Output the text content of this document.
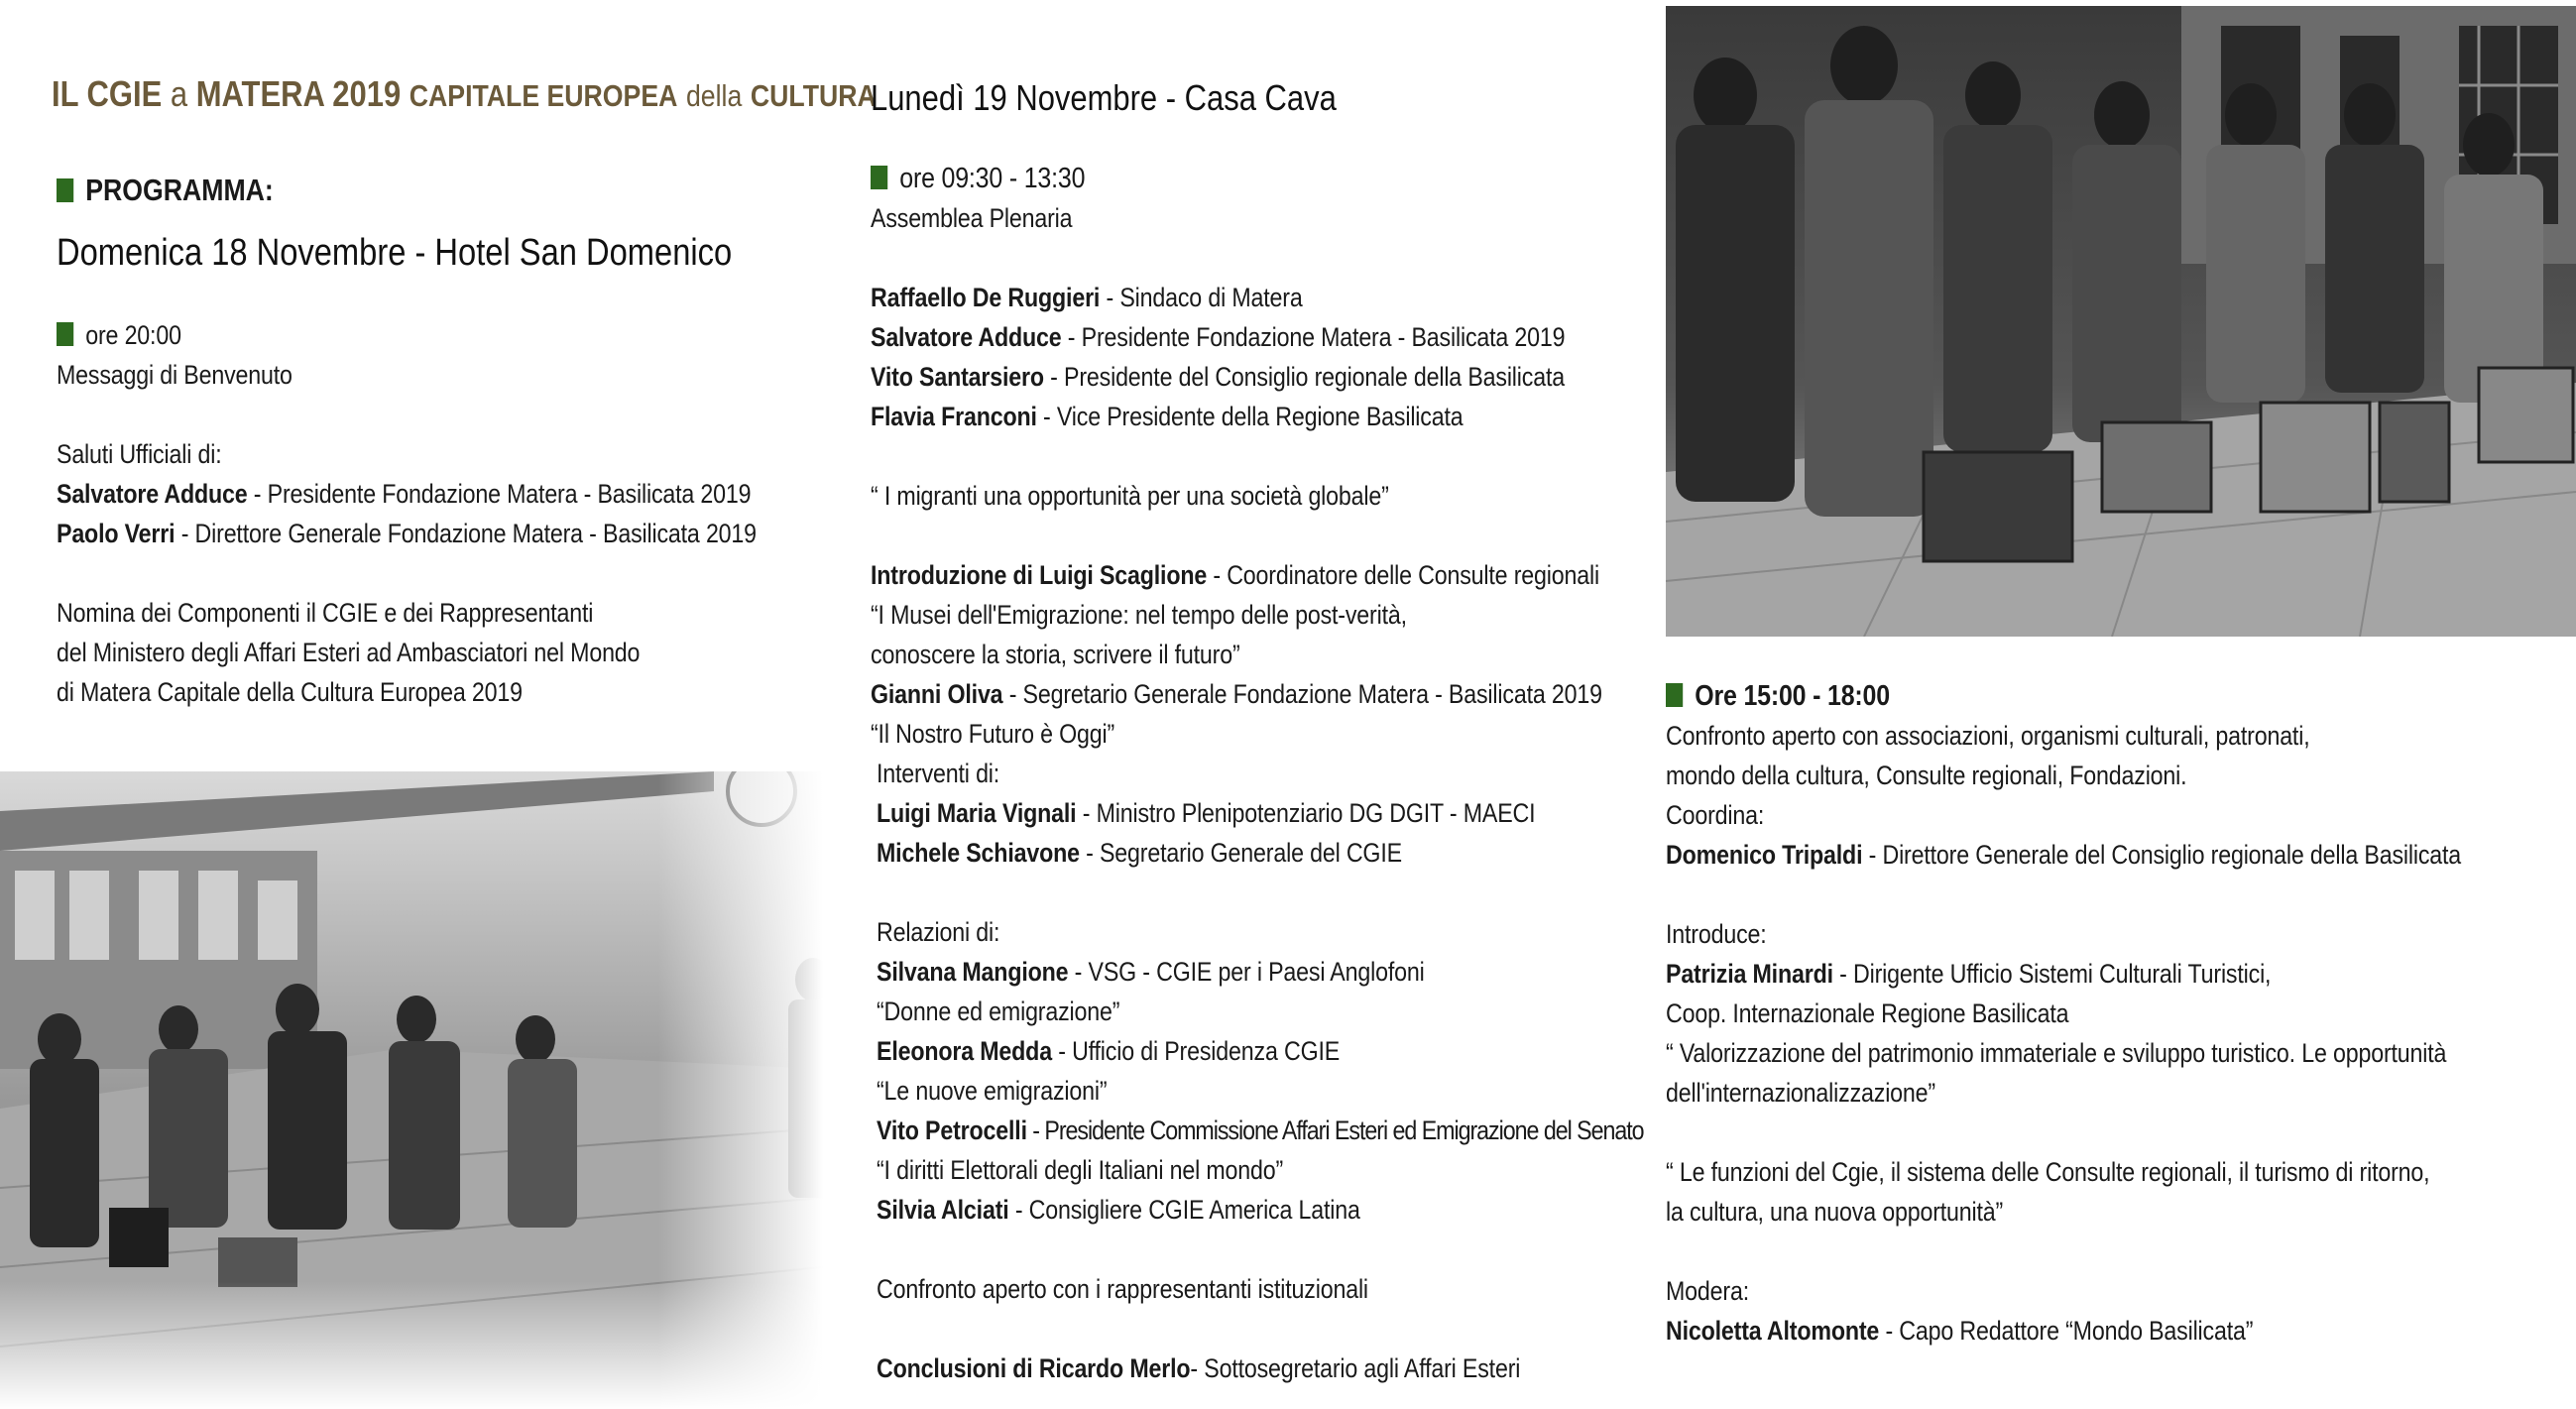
IL CGIE a MATERA 2019 CAPITALE EUROPEA della CULTURA
PROGRAMMA:
Domenica 18 Novembre - Hotel San Domenico

ore 20:00

Messaggi di Benvenuto

Saluti Ufficiali di:

Salvatore Adduce - Presidente Fondazione Matera - Basilicata 2019

Paolo Verri - Direttore Generale Fondazione Matera - Basilicata 2019

Nomina dei Componenti il CGIE e dei Rappresentanti

del Ministero degli Affari Esteri ad Ambasciatori nel Mondo

di Matera Capitale della Cultura Europea 2019

Lunedì 19 Novembre - Casa Cava

ore 09:30 - 13:30

Assemblea Plenaria

Raffaello De Ruggieri - Sindaco di Matera

Salvatore Adduce - Presidente Fondazione Matera - Basilicata 2019

Vito Santarsiero - Presidente del Consiglio regionale della Basilicata

Flavia Franconi - Vice Presidente della Regione Basilicata

“ I migranti una opportunità per una società globale”

Introduzione di Luigi Scaglione - Coordinatore delle Consulte regionali

“I Musei dell'Emigrazione: nel tempo delle post-verità,

conoscere la storia, scrivere il futuro”

Gianni Oliva - Segretario Generale Fondazione Matera - Basilicata 2019

“Il Nostro Futuro è Oggi”

Interventi di:

Luigi Maria Vignali - Ministro Plenipotenziario DG DGIT - MAECI

Michele Schiavone - Segretario Generale del CGIE

Relazioni di:

Silvana Mangione - VSG - CGIE per i Paesi Anglofoni

“Donne ed emigrazione”

Eleonora Medda - Ufficio di Presidenza CGIE

“Le nuove emigrazioni”

Vito Petrocelli - Presidente Commissione Affari Esteri ed Emigrazione del Senato

“I diritti Elettorali degli Italiani nel mondo”

Silvia Alciati - Consigliere CGIE America Latina

Confronto aperto con i rappresentanti istituzionali

Conclusioni di Ricardo Merlo- Sottosegretario agli Affari Esteri

Ore 15:00 - 18:00

Confronto aperto con associazioni, organismi culturali, patronati,

mondo della cultura, Consulte regionali, Fondazioni.

Coordina:

Domenico Tripaldi - Direttore Generale del Consiglio regionale della Basilicata

Introduce:

Patrizia Minardi - Dirigente Ufficio Sistemi Culturali Turistici,

Coop. Internazionale Regione Basilicata

“ Valorizzazione del patrimonio immateriale e sviluppo turistico. Le opportunità

dell'internazionalizzazione”

“ Le funzioni del Cgie, il sistema delle Consulte regionali, il turismo di ritorno,

la cultura, una nuova opportunità”

Modera:

Nicoletta Altomonte - Capo Redattore “Mondo Basilicata”
